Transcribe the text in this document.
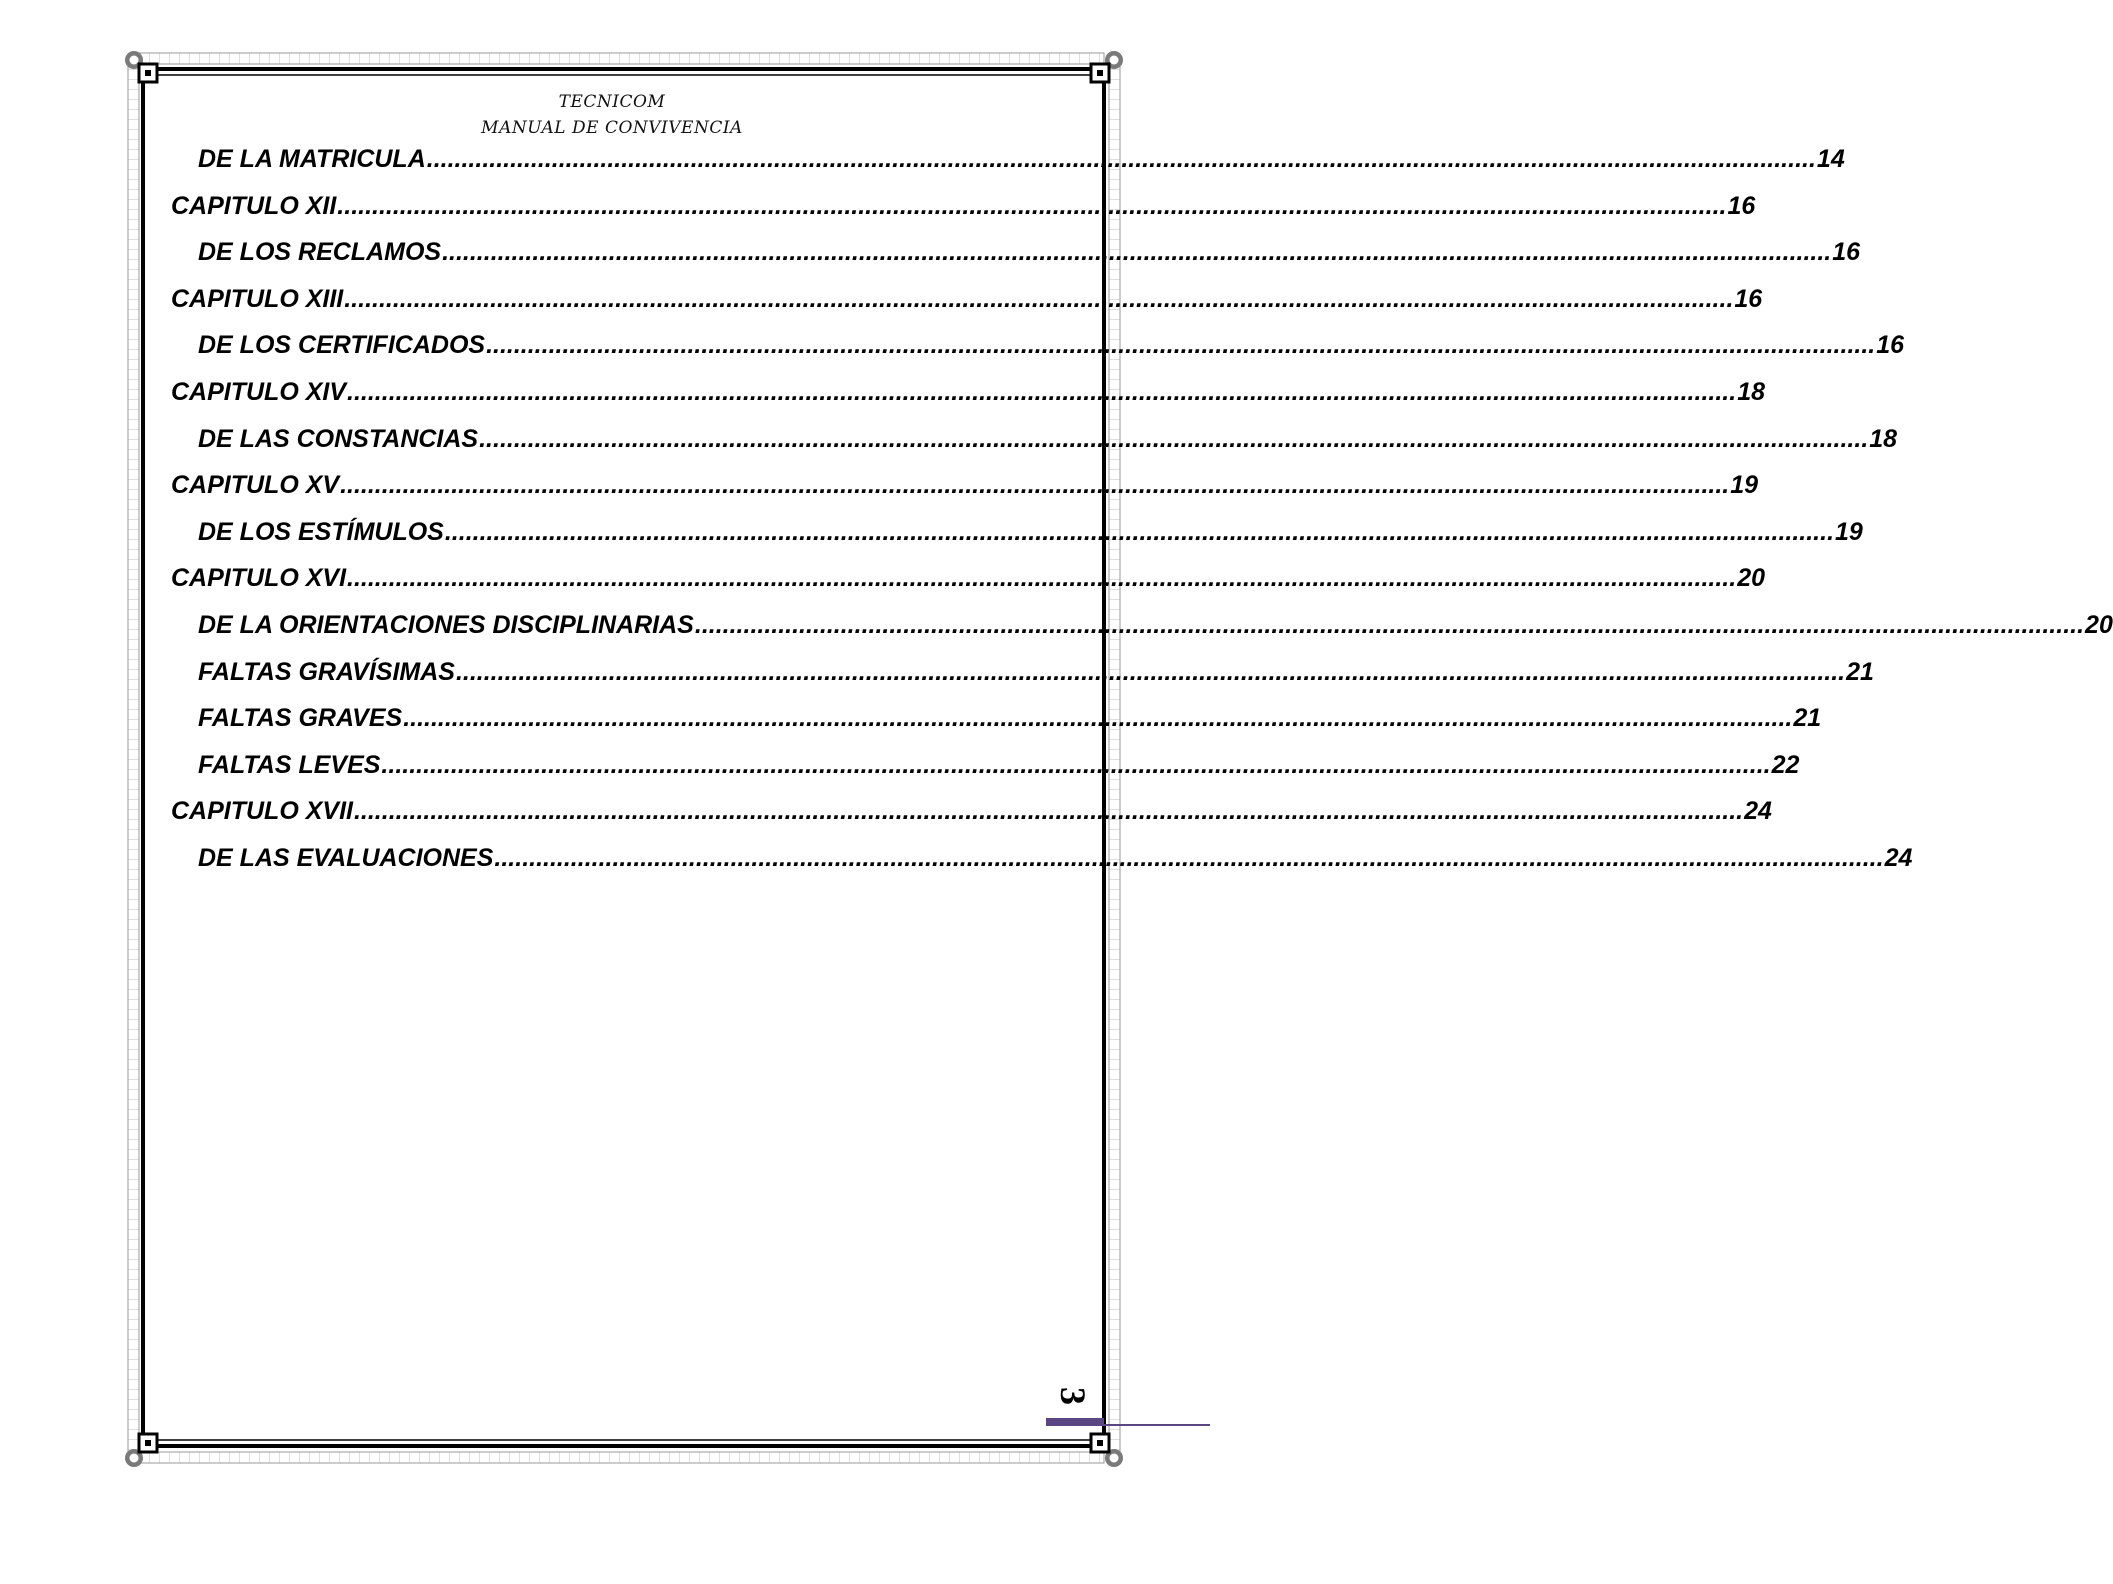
TECNICOM
MANUAL DE CONVIVENCIA
DE LA MATRICULA ........................................................................................................................................................................................................ 14
CAPITULO XII ........................................................................................................................................................................................................ 16
DE LOS RECLAMOS ........................................................................................................................................................................................................ 16
CAPITULO XIII ........................................................................................................................................................................................................ 16
DE LOS CERTIFICADOS ........................................................................................................................................................................................................ 16
CAPITULO XIV ........................................................................................................................................................................................................ 18
DE LAS CONSTANCIAS ........................................................................................................................................................................................................ 18
CAPITULO XV ........................................................................................................................................................................................................ 19
DE LOS ESTÍMULOS ........................................................................................................................................................................................................ 19
CAPITULO XVI ........................................................................................................................................................................................................ 20
DE LA ORIENTACIONES DISCIPLINARIAS ........................................................................................................................................................................................................ 20
FALTAS GRAVÍSIMAS ........................................................................................................................................................................................................ 21
FALTAS GRAVES ........................................................................................................................................................................................................ 21
FALTAS LEVES ........................................................................................................................................................................................................ 22
CAPITULO XVII ........................................................................................................................................................................................................ 24
DE LAS EVALUACIONES ........................................................................................................................................................................................................ 24
3
